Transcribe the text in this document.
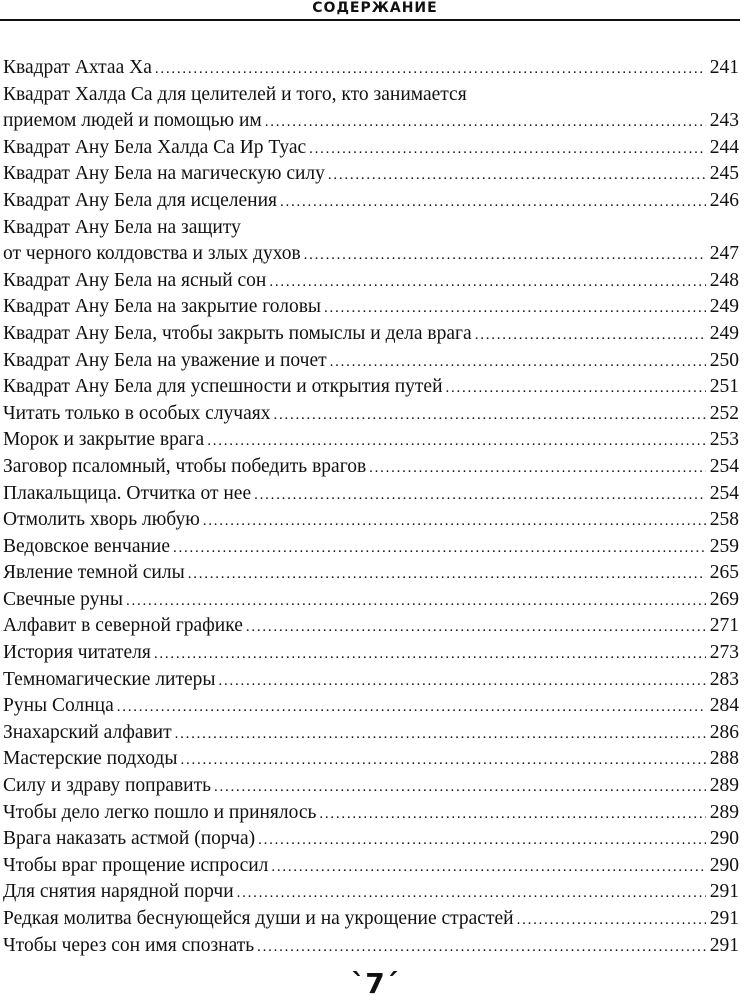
СОДЕРЖАНИЕ
Квадрат Ахтаа Ха . . .	241
Квадрат Халда Са для целителей и того, кто занимается
приемом людей и помощью им . . .	243
Квадрат Ану Бела Халда Са Ир Туас . . .	244
Квадрат Ану Бела на магическую силу . . .	245
Квадрат Ану Бела для исцеления . . .	246
Квадрат Ану Бела на защиту
от черного колдовства и злых духов . . .	247
Квадрат Ану Бела на ясный сон . . .	248
Квадрат Ану Бела на закрытие головы . . .	249
Квадрат Ану Бела, чтобы закрыть помыслы и дела врага . . .	249
Квадрат Ану Бела на уважение и почет . . .	250
Квадрат Ану Бела для успешности и открытия путей . . .	251
Читать только в особых случаях . . .	252
Морок и закрытие врага . . .	253
Заговор псаломный, чтобы победить врагов . . .	254
Плакальщица. Отчитка от нее . . .	254
Отмолить хворь любую . . .	258
Ведовское венчание . . .	259
Явление темной силы . . .	265
Свечные руны . . .	269
Алфавит в северной графике . . .	271
История читателя . . .	273
Темномагические литеры . . .	283
Руны Солнца . . .	284
Знахарский алфавит . . .	286
Мастерские подходы . . .	288
Силу и здраву поправить . . .	289
Чтобы дело легко пошло и принялось . . .	289
Врага наказать астмой (порча) . . .	290
Чтобы враг прощение испросил . . .	290
Для снятия нарядной порчи . . .	291
Редкая молитва беснующейся души и на укрощение страстей . . .	291
Чтобы через сон имя спознать . . .	291
`7´
